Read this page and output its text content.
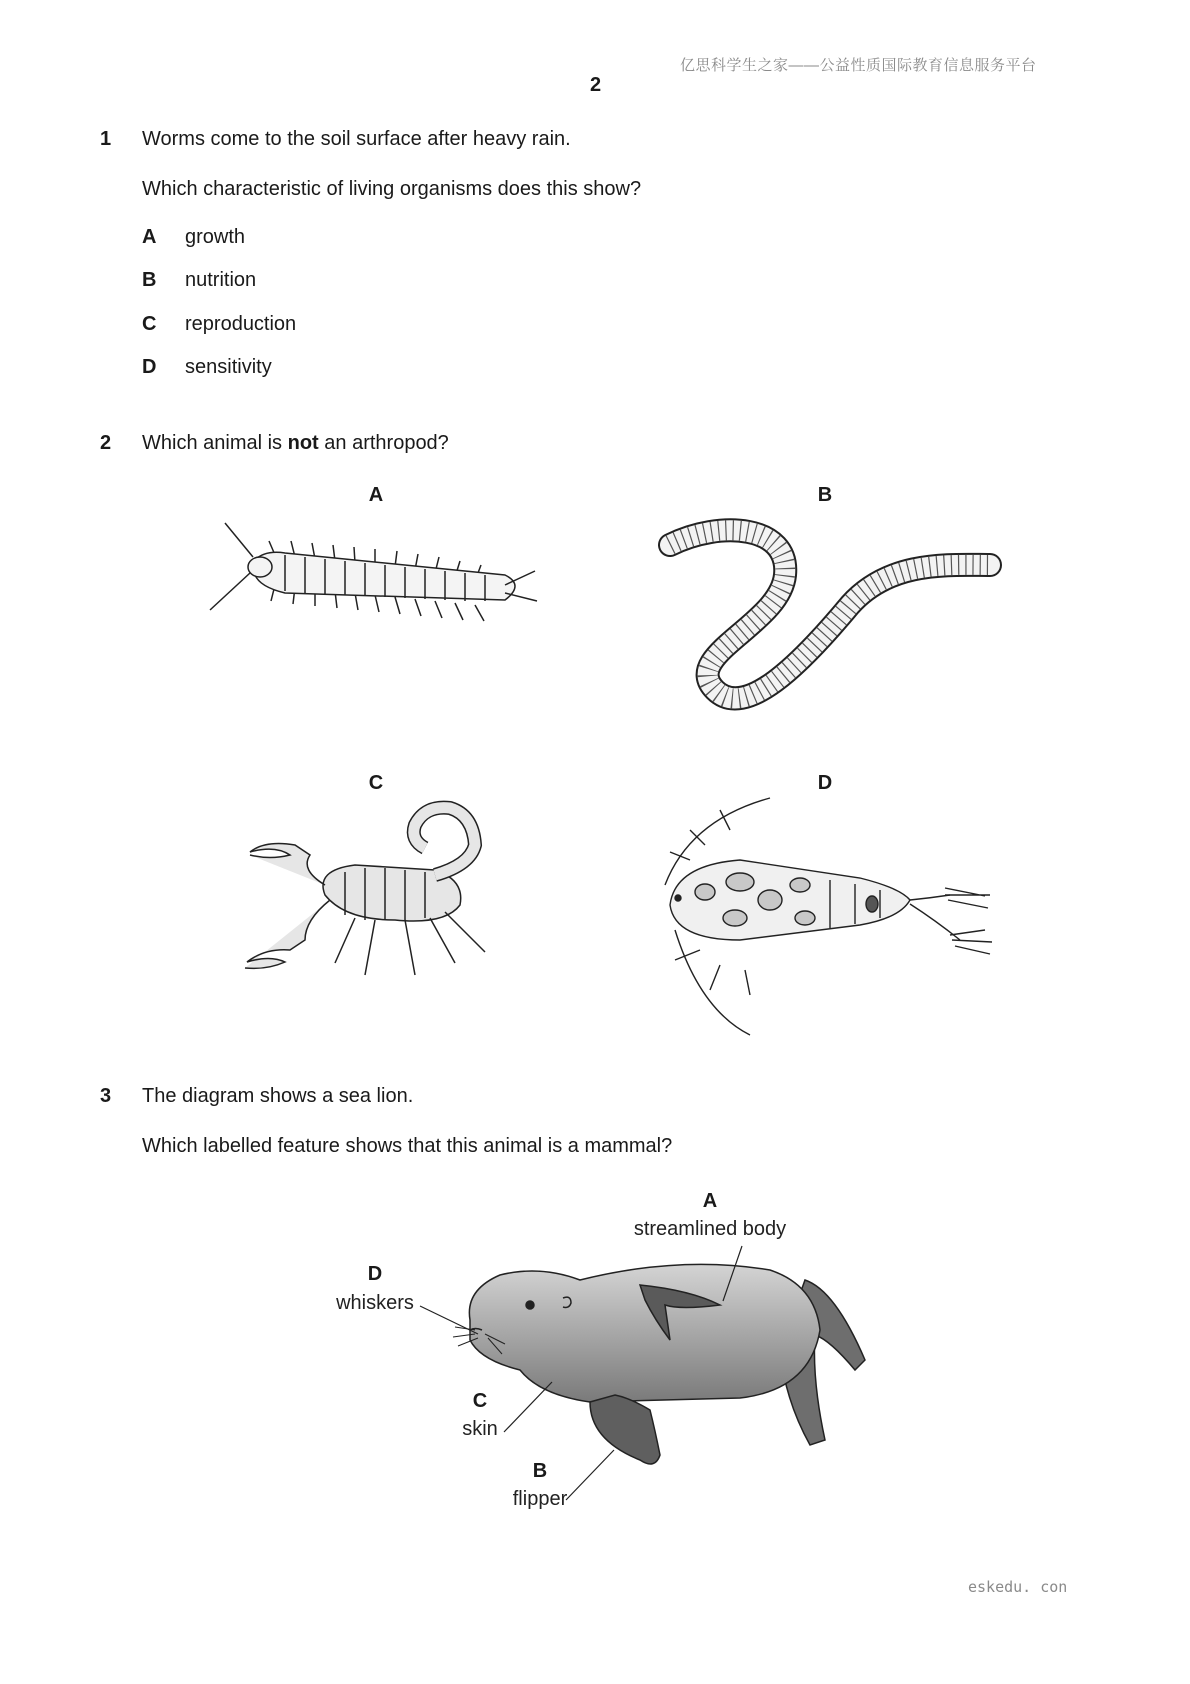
亿思科学生之家——公益性质国际教育信息服务平台
2
1 Worms come to the soil surface after heavy rain.
Which characteristic of living organisms does this show?
A growth
B nutrition
C reproduction
D sensitivity
2 Which animal is not an arthropod?
A	B
C	D
3 The diagram shows a sea lion.
Which labelled feature shows that this animal is a mammal?
A
streamlined body
D
whiskers
C
skin
B
flipper
eskedu. con
